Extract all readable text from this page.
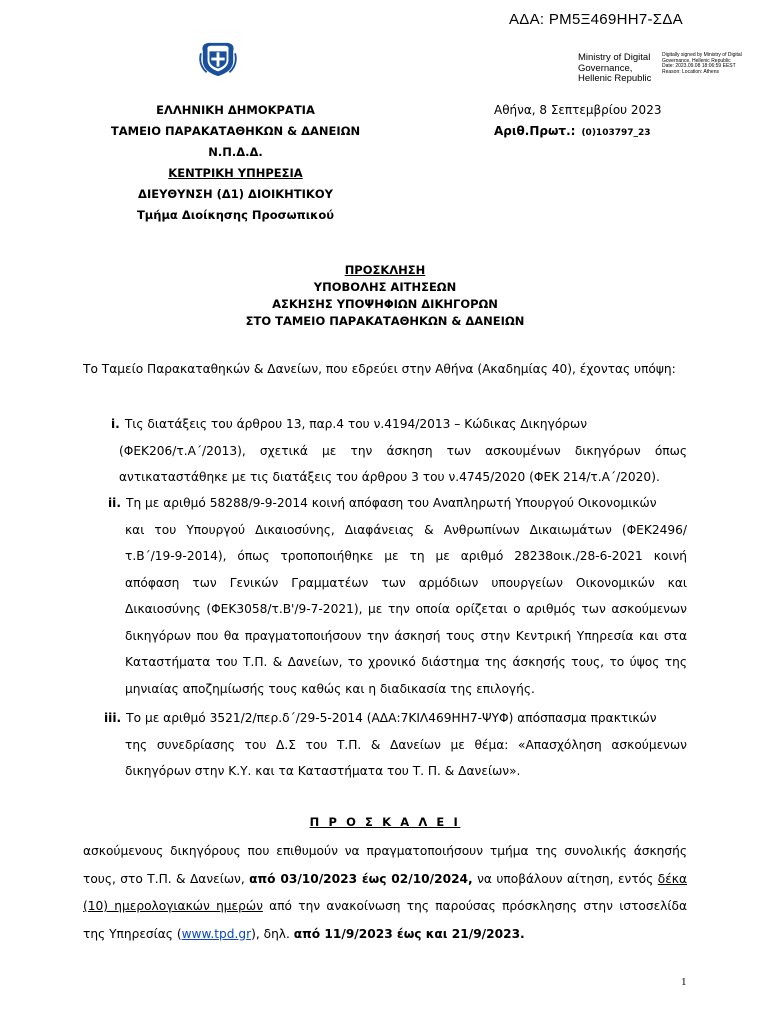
ΑΔΑ: ΡΜ5Ξ469ΗΗ7-ΣΔΑ
Ministry of Digital Governance, Hellenic Republic
Digitally signed by Ministry of Digital Governance, Hellenic Republic Date: 2023.09.08 18:06:59 EEST Reason: Location: Athens
ΕΛΛΗΝΙΚΗ ΔΗΜΟΚΡΑΤΙΑ
ΤΑΜΕΙΟ ΠΑΡΑΚΑΤΑΘΗΚΩΝ & ΔΑΝΕΙΩΝ
Ν.Π.Δ.Δ.
ΚΕΝΤΡΙΚΗ ΥΠΗΡΕΣΙΑ
ΔΙΕΥΘΥΝΣΗ (Δ1) ΔΙΟΙΚΗΤΙΚΟΥ
Τμήμα Διοίκησης Προσωπικού
Αθήνα, 8 Σεπτεμβρίου 2023
Αριθ.Πρωτ.: (0)103797_23
ΠΡΟΣΚΛΗΣΗ
ΥΠΟΒΟΛΗΣ ΑΙΤΗΣΕΩΝ
ΑΣΚΗΣΗΣ ΥΠΟΨΗΦΙΩΝ ΔΙΚΗΓΟΡΩΝ
ΣΤΟ ΤΑΜΕΙΟ ΠΑΡΑΚΑΤΑΘΗΚΩΝ & ΔΑΝΕΙΩΝ
Το Ταμείο Παρακαταθηκών & Δανείων, που εδρεύει στην Αθήνα (Ακαδημίας 40), έχοντας υπόψη:
i. Τις διατάξεις του άρθρου 13, παρ.4 του ν.4194/2013 – Κώδικας Δικηγόρων
(ΦΕΚ206/τ.Α΄/2013), σχετικά με την άσκηση των ασκουμένων δικηγόρων όπως αντικαταστάθηκε με τις διατάξεις του άρθρου 3 του ν.4745/2020 (ΦΕΚ 214/τ.Α΄/2020).
ii. Τη με αριθμό 58288/9-9-2014 κοινή απόφαση του Αναπληρωτή Υπουργού Οικονομικών
και του Υπουργού Δικαιοσύνης, Διαφάνειας & Ανθρωπίνων Δικαιωμάτων (ΦΕΚ2496/τ.Β΄/19-9-2014), όπως τροποποιήθηκε με τη με αριθμό 28238οικ./28-6-2021 κοινή απόφαση των Γενικών Γραμματέων των αρμόδιων υπουργείων Οικονομικών και Δικαιοσύνης (ΦΕΚ3058/τ.Β'/9-7-2021), με την οποία ορίζεται ο αριθμός των ασκούμενων δικηγόρων που θα πραγματοποιήσουν την άσκησή τους στην Κεντρική Υπηρεσία και στα Καταστήματα του Τ.Π. & Δανείων, το χρονικό διάστημα της άσκησής τους, το ύψος της μηνιαίας αποζημίωσής τους καθώς και η διαδικασία της επιλογής.
iii. Το με αριθμό 3521/2/περ.δ΄/29-5-2014 (ΑΔΑ:7ΚΙΛ469ΗΗ7-ΨΥΦ) απόσπασμα πρακτικών
της συνεδρίασης του Δ.Σ του Τ.Π. & Δανείων με θέμα: «Απασχόληση ασκούμενων δικηγόρων στην Κ.Υ. και τα Καταστήματα του Τ. Π. & Δανείων».
Π Ρ Ο Σ Κ Α Λ Ε Ι
ασκούμενους δικηγόρους που επιθυμούν να πραγματοποιήσουν τμήμα της συνολικής άσκησής τους, στο Τ.Π. & Δανείων, από 03/10/2023 έως 02/10/2024, να υποβάλουν αίτηση, εντός δέκα (10) ημερολογιακών ημερών από την ανακοίνωση της παρούσας πρόσκλησης στην ιστοσελίδα της Υπηρεσίας (www.tpd.gr), δηλ. από 11/9/2023 έως και 21/9/2023.
1
